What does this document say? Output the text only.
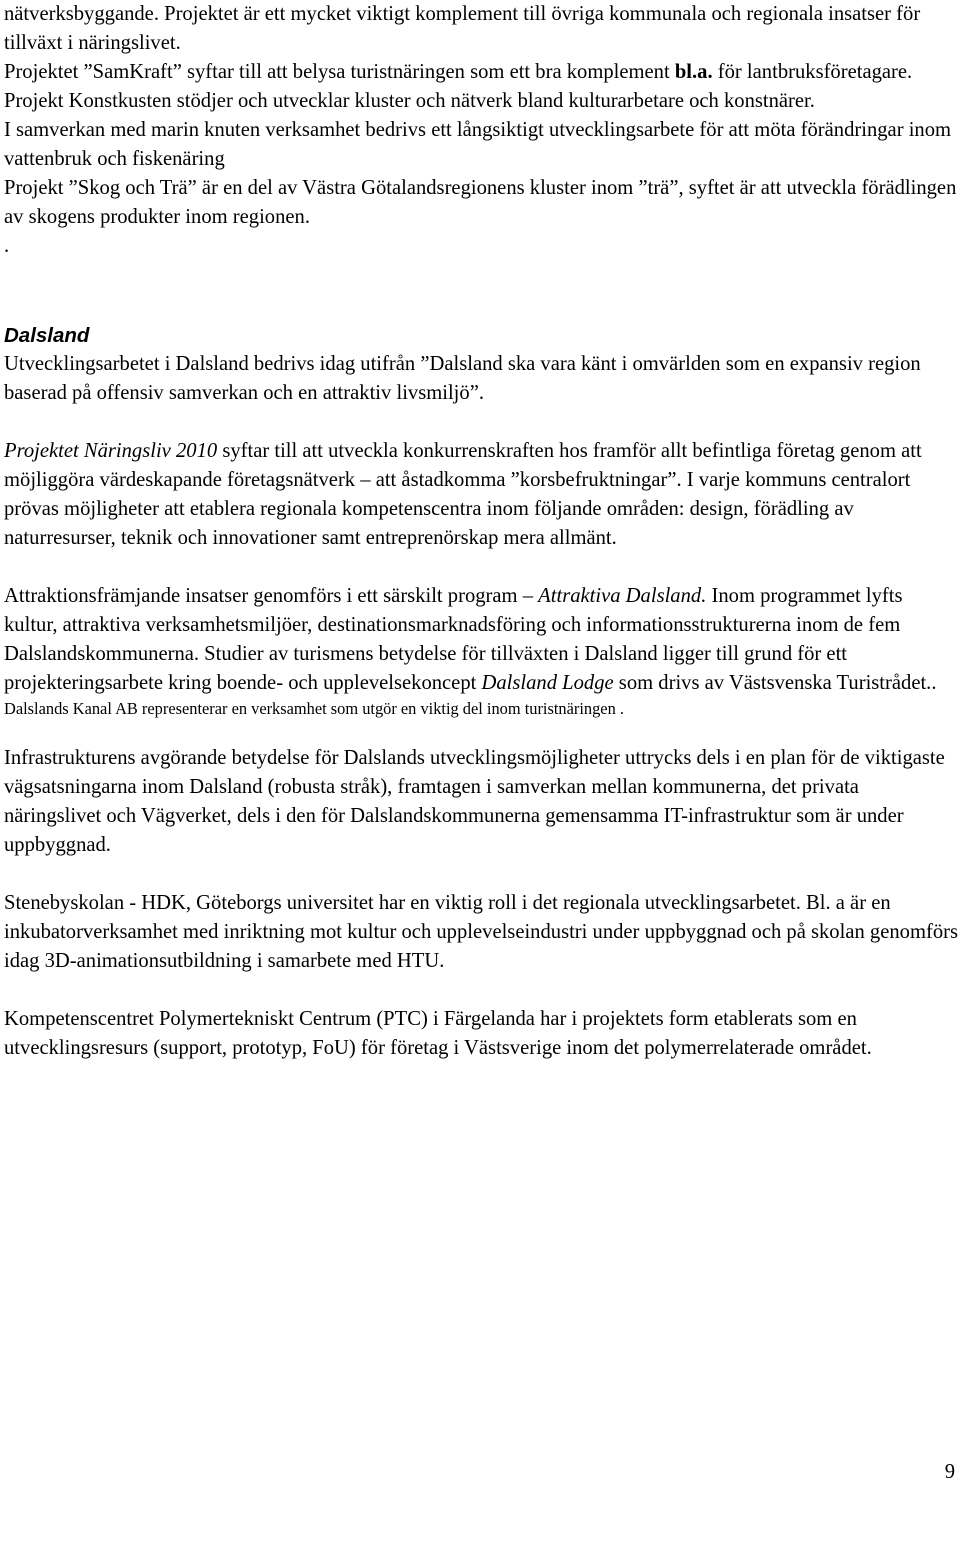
nätverksbyggande. Projektet är ett mycket viktigt komplement till övriga kommunala och regionala insatser för tillväxt i näringslivet.
Projektet ”SamKraft” syftar till att belysa turistnäringen som ett bra komplement bl.a. för lantbruksföretagare. Projekt Konstkusten stödjer och utvecklar kluster och nätverk bland kulturarbetare och konstnärer.
I samverkan med marin knuten verksamhet bedrivs ett långsiktigt utvecklingsarbete för att möta förändringar inom vattenbruk och fiskenäring
Projekt ”Skog och Trä” är en del av Västra Götalandsregionens kluster inom ”trä”, syftet är att utveckla förädlingen av skogens produkter inom regionen.
.

Dalsland

Utvecklingsarbetet i Dalsland bedrivs idag utifrån ”Dalsland ska vara känt i omvärlden som en expansiv region baserad på offensiv samverkan och en attraktiv livsmiljö”.

Projektet Näringsliv 2010 syftar till att utveckla konkurrenskraften hos framför allt befintliga företag genom att möjliggöra värdeskapande företagsnätverk – att åstadkomma ”korsbefruktningar”. I varje kommuns centralort prövas möjligheter att etablera regionala kompetenscentra inom följande områden: design, förädling av naturresurser, teknik och innovationer samt entreprenörskap mera allmänt.

Attraktionsfrämjande insatser genomförs i ett särskilt program – Attraktiva Dalsland. Inom programmet lyfts kultur, attraktiva verksamhetsmiljöer, destinationsmarknadsföring och informationsstrukturerna inom de fem Dalslandskommunerna. Studier av turismens betydelse för tillväxten i Dalsland ligger till grund för ett projekteringsarbete kring boende- och upplevelsekoncept Dalsland Lodge som drivs av Västsvenska Turistrådet..

Dalslands Kanal AB representerar en verksamhet som utgör en viktig del inom turistnäringen .

Infrastrukturens avgörande betydelse för Dalslands utvecklingsmöjligheter uttrycks dels i en plan för de viktigaste vägsatsningarna inom Dalsland (robusta stråk), framtagen i samverkan mellan kommunerna, det privata näringslivet och Vägverket, dels i den för Dalslandskommunerna gemensamma IT-infrastruktur som är under uppbyggnad.

Stenebyskolan - HDK, Göteborgs universitet har en viktig roll i det regionala utvecklingsarbetet. Bl. a är en inkubatorverksamhet med inriktning mot kultur och upplevelseindustri under uppbyggnad och på skolan genomförs idag 3D-animationsutbildning i samarbete med HTU.

Kompetenscentret Polymertekniskt Centrum (PTC) i Färgelanda har i projektets form etablerats som en utvecklingsresurs (support, prototyp, FoU) för företag i Västsverige inom det polymerrelaterade området.

9
